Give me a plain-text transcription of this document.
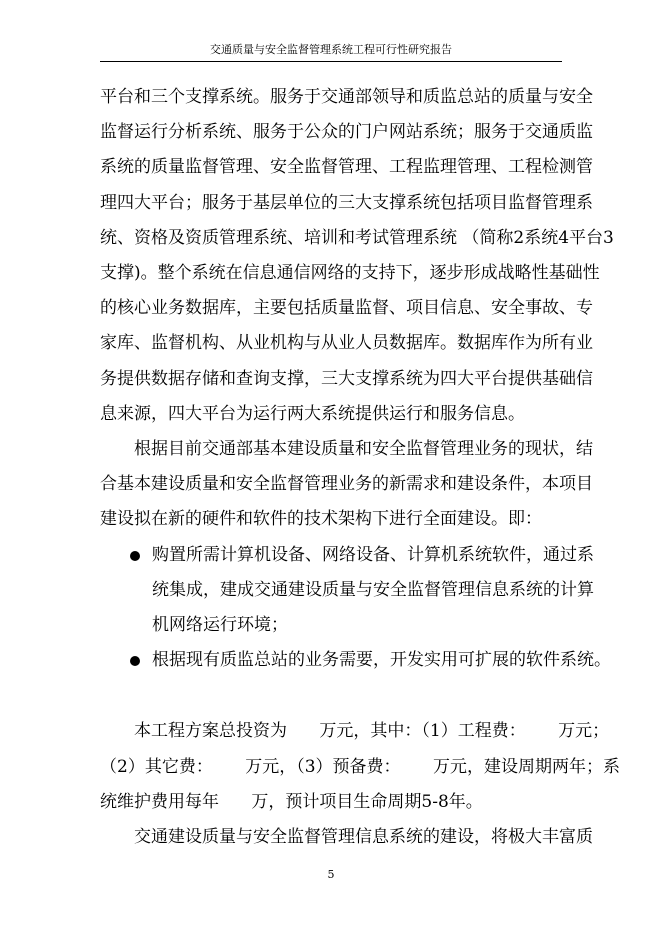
交通质量与安全监督管理系统工程可行性研究报告
平台和三个支撑系统。服务于交通部领导和质监总站的质量与安全
监督运行分析系统、服务于公众的门户网站系统；服务于交通质监
系统的质量监督管理、安全监督管理、工程监理管理、工程检测管
理四大平台；服务于基层单位的三大支撑系统包括项目监督管理系
统、资格及资质管理系统、培训和考试管理系统 （简称2系统4平台3
支撑)。整个系统在信息通信网络的支持下，逐步形成战略性基础性
的核心业务数据库，主要包括质量监督、项目信息、安全事故、专
家库、监督机构、从业机构与从业人员数据库。数据库作为所有业
务提供数据存储和查询支撑，三大支撑系统为四大平台提供基础信
息来源，四大平台为运行两大系统提供运行和服务信息。
根据目前交通部基本建设质量和安全监督管理业务的现状，结
合基本建设质量和安全监督管理业务的新需求和建设条件，本项目
建设拟在新的硬件和软件的技术架构下进行全面建设。即：
购置所需计算机设备、网络设备、计算机系统软件，通过系
统集成，建成交通建设质量与安全监督管理信息系统的计算
机网络运行环境；
根据现有质监总站的业务需要，开发实用可扩展的软件系统。
本工程方案总投资为      万元，其中：（1）工程费：      万元；
（2）其它费：      万元，（3）预备费：      万元，建设周期两年；系
统维护费用每年      万，预计项目生命周期5-8年。
交通建设质量与安全监督管理信息系统的建设，将极大丰富质
5
